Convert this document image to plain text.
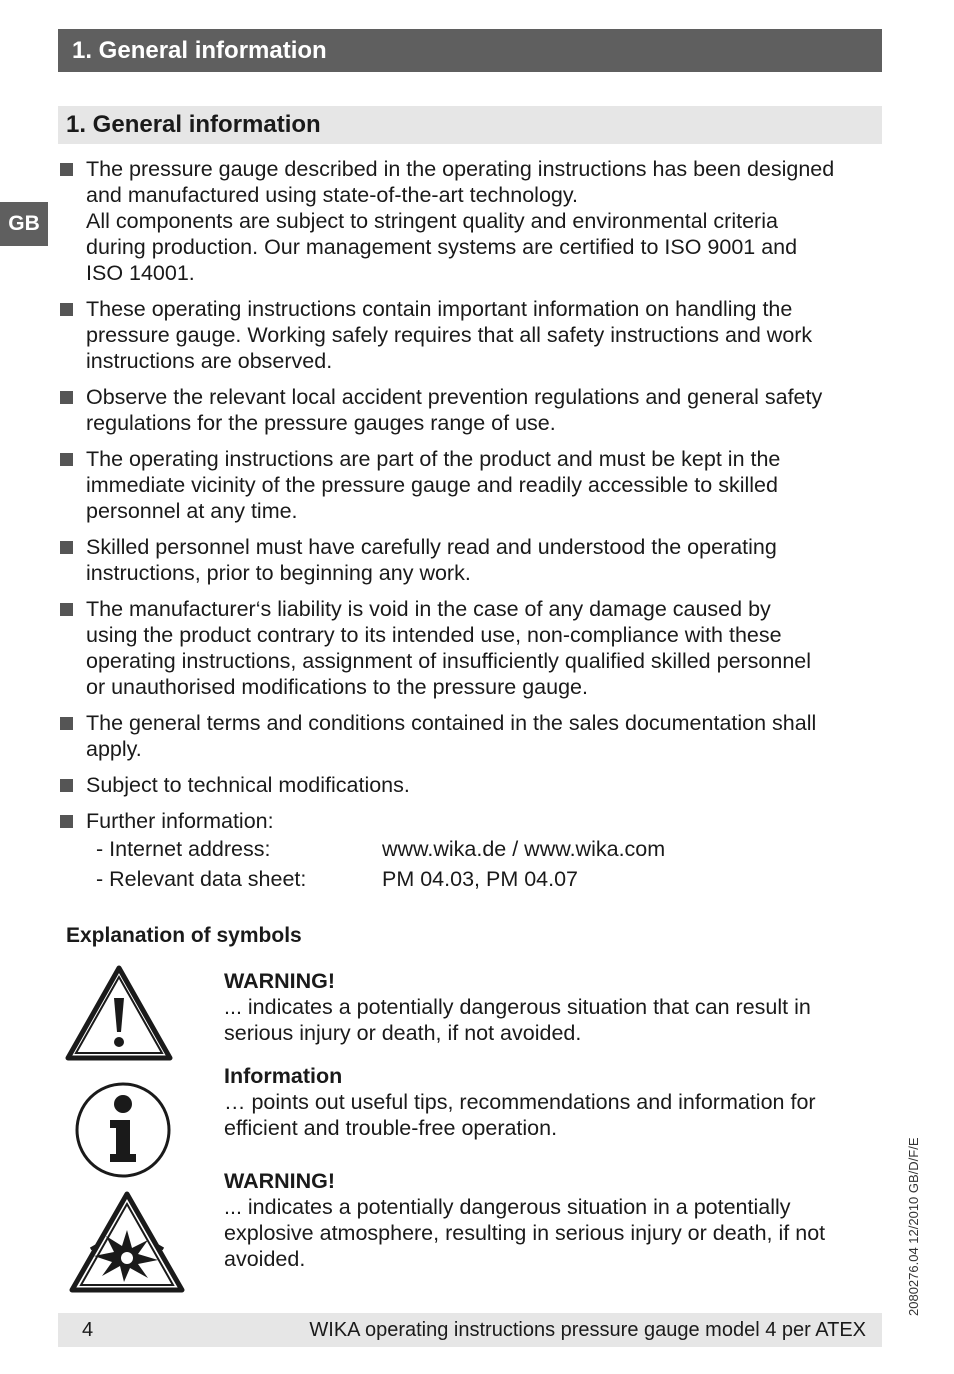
1. General information
GB
1. General information

The pressure gauge described in the operating instructions has been designed

and manufactured using state-of-the-art technology.

All components are subject to stringent quality and environmental criteria

during production. Our management systems are certified to ISO 9001 and

ISO 14001.

These operating instructions contain important information on handling the

pressure gauge. Working safely requires that all safety instructions and work

instructions are observed.

Observe the relevant local accident prevention regulations and general safety

regulations for the pressure gauges range of use.

The operating instructions are part of the product and must be kept in the

immediate vicinity of the pressure gauge and readily accessible to skilled

personnel at any time.

Skilled personnel must have carefully read and understood the operating

instructions, prior to beginning any work.

The manufacturer‘s liability is void in the case of any damage caused by

using the product contrary to its intended use, non-compliance with these

operating instructions, assignment of insufficiently qualified skilled personnel

or unauthorised modifications to the pressure gauge.

The general terms and conditions contained in the sales documentation shall

apply.

Subject to technical modifications.

Further information:

- Internet address:	www.wika.de / www.wika.com
- Relevant data sheet:	PM 04.03, PM 04.07
Explanation of symbols
WARNING!
... indicates a potentially dangerous situation that can result in
serious injury or death, if not avoided.
Information
… points out useful tips, recommendations and information for
efficient and trouble-free operation.
WARNING!
... indicates a potentially dangerous situation in a potentially
explosive atmosphere, resulting in serious injury or death, if not
avoided.	2080276.04 12/2010 GB/D/F/E
4	WIKA operating instructions pressure gauge model 4 per ATEX
